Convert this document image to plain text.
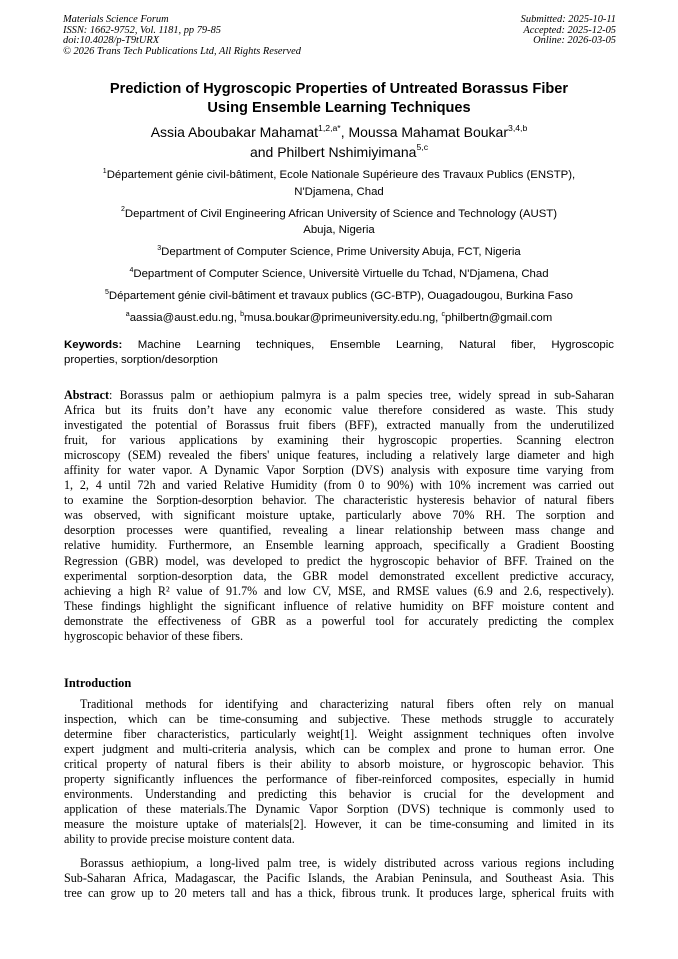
Materials Science Forum
ISSN: 1662-9752, Vol. 1181, pp 79-85
doi:10.4028/p-T9tURX
© 2026 Trans Tech Publications Ltd, All Rights Reserved
Submitted: 2025-10-11
Accepted: 2025-12-05
Online: 2026-03-05
Prediction of Hygroscopic Properties of Untreated Borassus Fiber
Using Ensemble Learning Techniques
Assia Aboubakar Mahamat$^{1,2,a*}$, Moussa Mahamat Boukar$^{3,4,b}$
and Philbert Nshimiyimana$^{5,c}$
$^1$Département génie civil-bâtiment, Ecole Nationale Supérieure des Travaux Publics (ENSTP),
N'Djamena, Chad
$^2$Department of Civil Engineering African University of Science and Technology (AUST)
Abuja, Nigeria
$^3$Department of Computer Science, Prime University Abuja, FCT, Nigeria
$^4$Department of Computer Science, Universitè Virtuelle du Tchad, N'Djamena, Chad
$^5$Département génie civil-bâtiment et travaux publics (GC-BTP), Ouagadougou, Burkina Faso
$^a$aassia@aust.edu.ng, $^b$musa.boukar@primeuniversity.edu.ng, $^c$philbertn@gmail.com
Keywords: Machine Learning techniques, Ensemble Learning, Natural fiber, Hygroscopic
properties, sorption/desorption
Abstract: Borassus palm or aethiopium palmyra is a palm species tree, widely spread in sub-Saharan
Africa but its fruits don’t have any economic value therefore considered as waste. This study
investigated the potential of Borassus fruit fibers (BFF), extracted manually from the underutilized
fruit, for various applications by examining their hygroscopic properties. Scanning electron
microscopy (SEM) revealed the fibers' unique features, including a relatively large diameter and high
affinity for water vapor. A Dynamic Vapor Sorption (DVS) analysis with exposure time varying from
1, 2, 4 until 72h and varied Relative Humidity (from 0 to 90%) with 10% increment was carried out
to examine the Sorption-desorption behavior. The characteristic hysteresis behavior of natural fibers
was observed, with significant moisture uptake, particularly above 70% RH. The sorption and
desorption processes were quantified, revealing a linear relationship between mass change and
relative humidity. Furthermore, an Ensemble learning approach, specifically a Gradient Boosting
Regression (GBR) model, was developed to predict the hygroscopic behavior of BFF. Trained on the
experimental sorption-desorption data, the GBR model demonstrated excellent predictive accuracy,
achieving a high R² value of 91.7% and low CV, MSE, and RMSE values (6.9 and 2.6, respectively).
These findings highlight the significant influence of relative humidity on BFF moisture content and
demonstrate the effectiveness of GBR as a powerful tool for accurately predicting the complex
hygroscopic behavior of these fibers.
Introduction
Traditional methods for identifying and characterizing natural fibers often rely on manual
inspection, which can be time-consuming and subjective. These methods struggle to accurately
determine fiber characteristics, particularly weight[1]. Weight assignment techniques often involve
expert judgment and multi-criteria analysis, which can be complex and prone to human error. One
critical property of natural fibers is their ability to absorb moisture, or hygroscopic behavior. This
property significantly influences the performance of fiber-reinforced composites, especially in humid
environments. Understanding and predicting this behavior is crucial for the development and
application of these materials.The Dynamic Vapor Sorption (DVS) technique is commonly used to
measure the moisture uptake of materials[2]. However, it can be time-consuming and limited in its
ability to provide precise moisture content data.
Borassus aethiopium, a long-lived palm tree, is widely distributed across various regions including
Sub-Saharan Africa, Madagascar, the Pacific Islands, the Arabian Peninsula, and Southeast Asia. This
tree can grow up to 20 meters tall and has a thick, fibrous trunk. It produces large, spherical fruits with
